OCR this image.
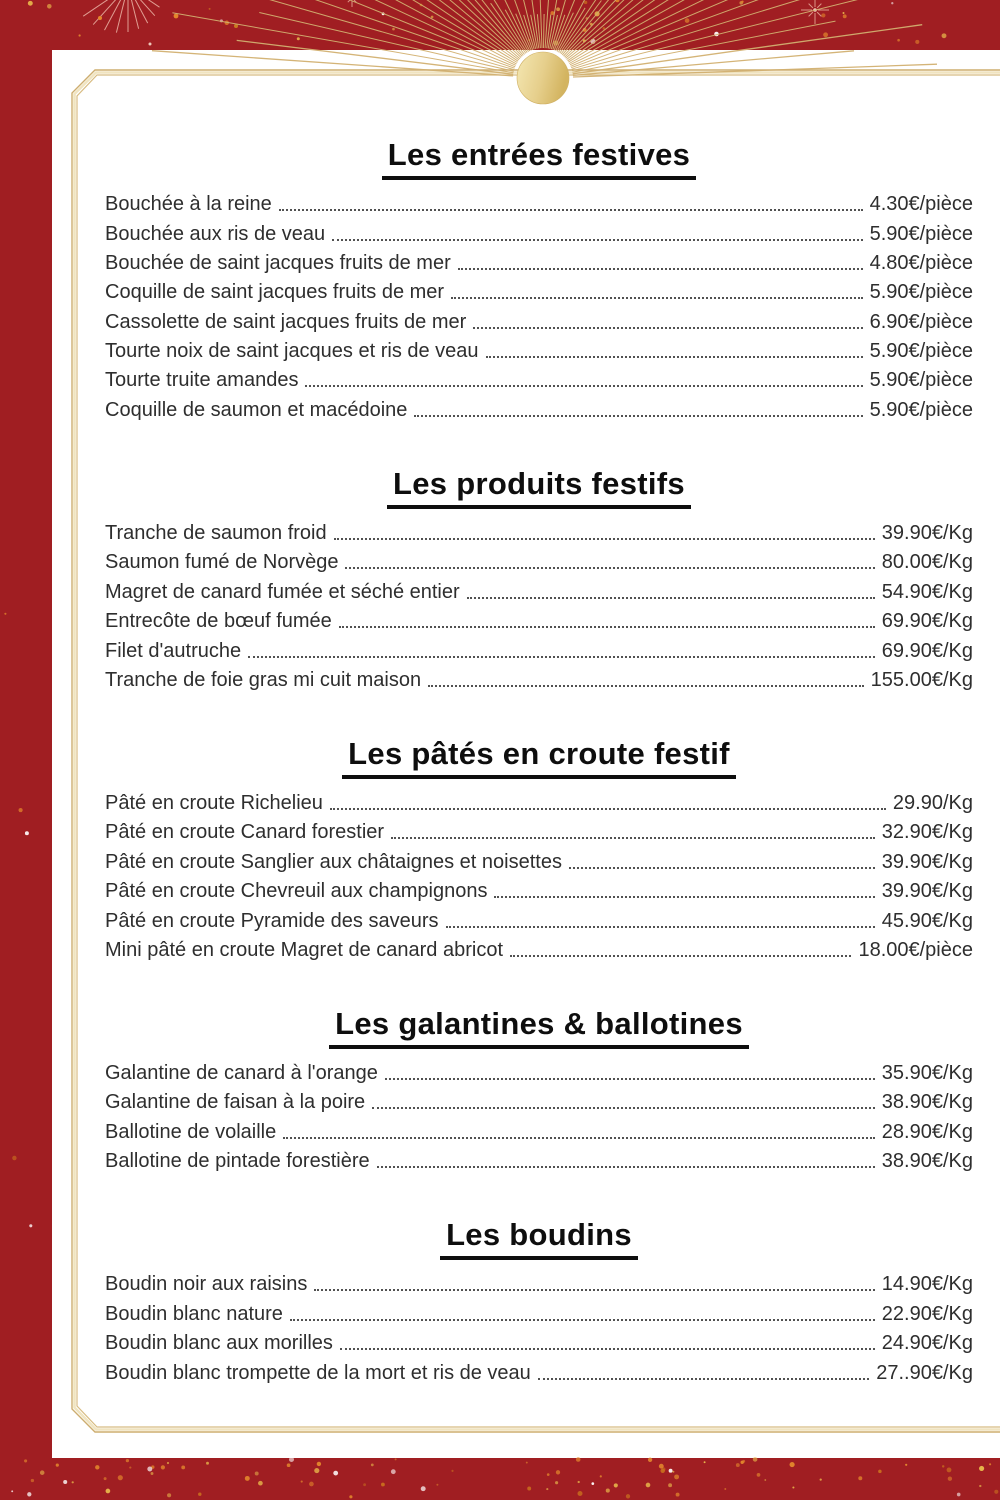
Les entrées festives
Bouchée à la reine	4.30€/pièce
Bouchée aux ris de veau	5.90€/pièce
Bouchée de saint jacques fruits de mer	4.80€/pièce
Coquille de saint jacques fruits de mer	5.90€/pièce
Cassolette de saint jacques fruits de mer	6.90€/pièce
Tourte noix de saint jacques et ris de veau	5.90€/pièce
Tourte truite amandes	5.90€/pièce
Coquille de saumon et macédoine	5.90€/pièce
Les produits festifs
Tranche de saumon froid	39.90€/Kg
Saumon fumé de Norvège	80.00€/Kg
Magret de canard fumée et séché entier	54.90€/Kg
Entrecôte de bœuf fumée	69.90€/Kg
Filet d'autruche	69.90€/Kg
Tranche de foie gras mi cuit maison	155.00€/Kg
Les pâtés en croute festif
Pâté en croute Richelieu	29.90/Kg
Pâté en croute Canard forestier	32.90€/Kg
Pâté en croute Sanglier aux châtaignes et noisettes	39.90€/Kg
Pâté en croute Chevreuil aux champignons	39.90€/Kg
Pâté en croute Pyramide des saveurs	45.90€/Kg
Mini pâté en croute Magret de canard abricot	18.00€/pièce
Les galantines & ballotines
Galantine de canard à l'orange	35.90€/Kg
Galantine de faisan à la poire	38.90€/Kg
Ballotine de volaille	28.90€/Kg
Ballotine de pintade forestière	38.90€/Kg
Les boudins
Boudin noir aux raisins	14.90€/Kg
Boudin blanc nature	22.90€/Kg
Boudin blanc aux morilles	24.90€/Kg
Boudin blanc trompette de la mort et ris de veau	27..90€/Kg
